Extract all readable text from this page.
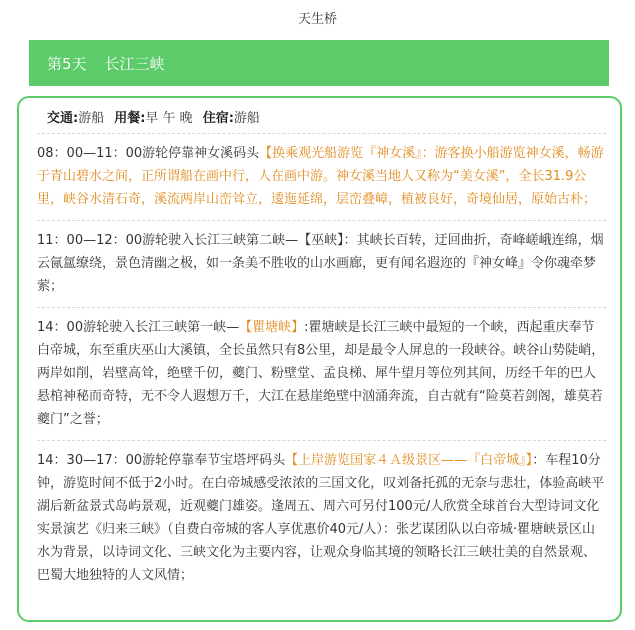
天生桥
第5天 长江三峡
交通:游船 用餐:早 午 晚 住宿:游船
08：00—11：00游轮停靠神女溪码头【换乘观光船游览『神女溪』：游客换小船游览神女溪，畅游于青山碧水之间，正所谓船在画中行，人在画中游。神女溪当地人又称为“美女溪”，全长31.9公里，峡谷水清石奇，溪流两岸山峦耸立，逶迤延绵，层峦叠嶂，植被良好，奇境仙居，原始古朴；
11：00—12：00游轮驶入长江三峡第二峡—【巫峡】：其峡长百转，迂回曲折，奇峰嵯峨连绵，烟云氤氲缭绕，景色清幽之极，如一条美不胜收的山水画廊，更有闻名遐迩的『神女峰』令你魂牵梦萦；
14：00游轮驶入长江三峡第一峡—【瞿塘峡】:瞿塘峡是长江三峡中最短的一个峡，西起重庆奉节白帝城，东至重庆巫山大溪镇，全长虽然只有8公里，却是最令人屏息的一段峡谷。峡谷山势陡峭，两岸如削，岩壁高耸，绝壁千仞，夔门、粉壁堂、孟良梯、犀牛望月等位列其间，历经千年的巴人悬棺神秘而奇特，无不令人遐想万千，大江在悬崖绝壁中汹涌奔流，自古就有“险莫若剑阁，雄莫若夔门”之誉；
14：30—17：00游轮停靠奉节宝塔坪码头【上岸游览国家４Ａ级景区——『白帝城』】：车程10分钟，游览时间不低于2小时。在白帝城感受浓浓的三国文化，叹刘备托孤的无奈与悲壮，体验高峡平湖后新盆景式岛屿景观，近观夔门雄姿。逢周五、周六可另付100元/人欣赏全球首台大型诗词文化实景演艺《归来三峡》（自费白帝城的客人享优惠价40元/人）：张艺谋团队以白帝城·瞿塘峡景区山水为背景，以诗词文化、三峡文化为主要内容，让观众身临其境的领略长江三峡壮美的自然景观、巴蜀大地独特的人文风情；
